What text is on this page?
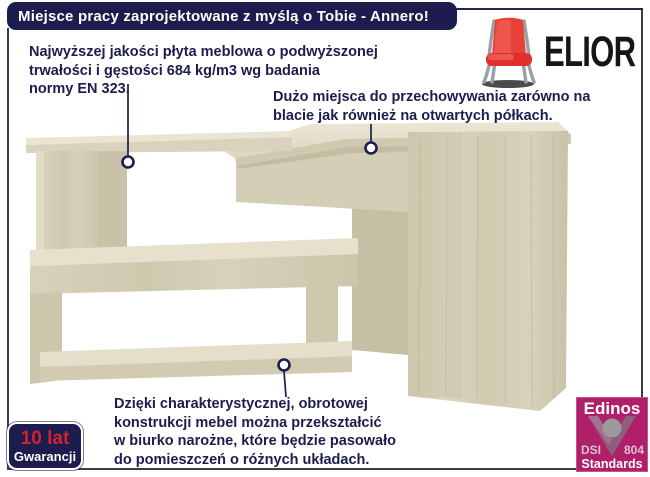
Miejsce pracy zaprojektowane z myślą o Tobie - Annero!
ELIOR
Najwyższej jakości płyta meblowa o podwyższonej
trwałości i gęstości 684 kg/m3 wg badania
normy EN 323.	Dużo miejsca do przechowywania zarówno na
blacie jak również na otwartych półkach.
Dzięki charakterystycznej, obrotowej
konstrukcji mebel można przekształcić
w biurko narożne, które będzie pasowało
do pomieszczeń o różnych układach.
10 lat
Gwarancji
Edinos
DSI 804
Standards
